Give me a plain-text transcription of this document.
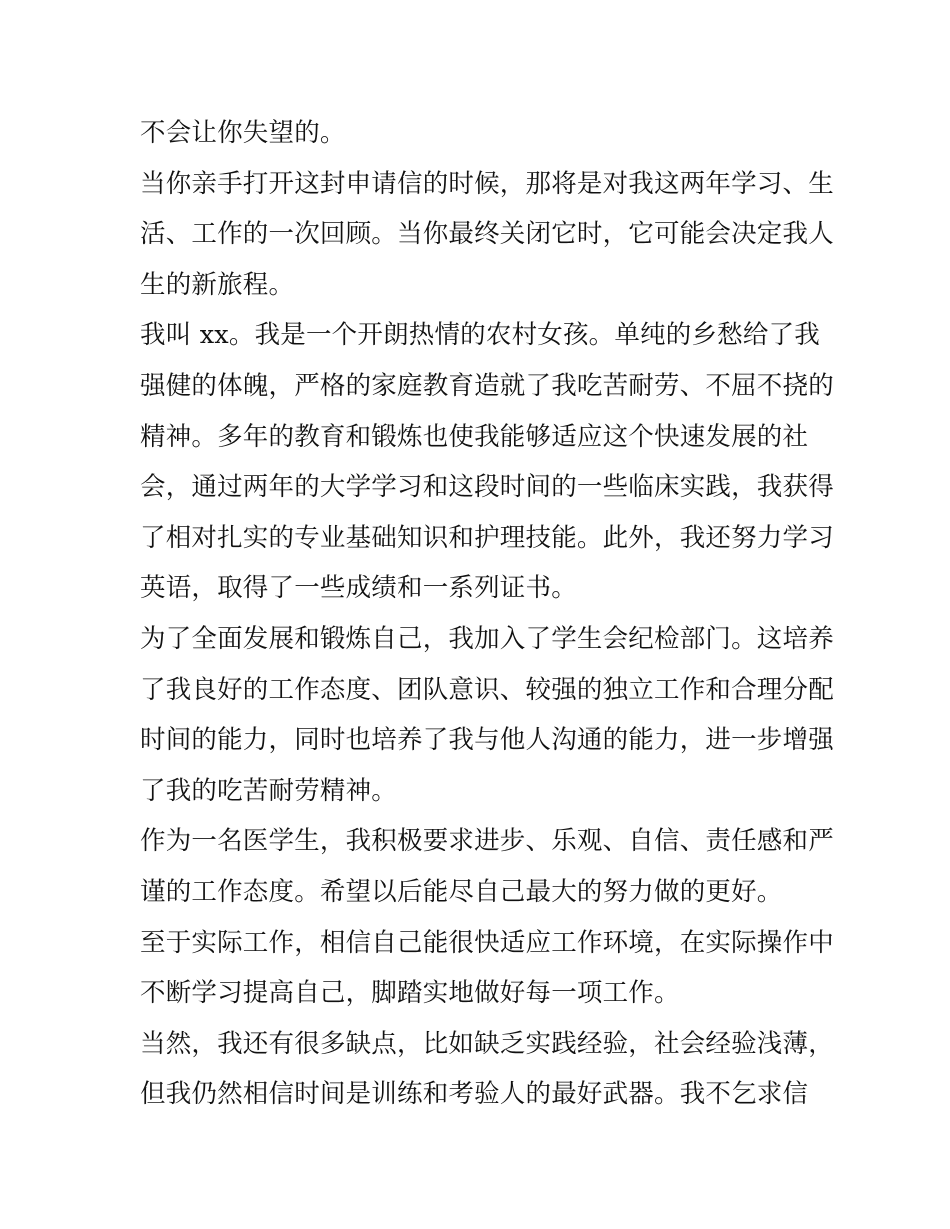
不会让你失望的。
当你亲手打开这封申请信的时候，那将是对我这两年学习、生
活、工作的一次回顾。当你最终关闭它时，它可能会决定我人
生的新旅程。
我叫 xx。我是一个开朗热情的农村女孩。单纯的乡愁给了我
强健的体魄，严格的家庭教育造就了我吃苦耐劳、不屈不挠的
精神。多年的教育和锻炼也使我能够适应这个快速发展的社
会，通过两年的大学学习和这段时间的一些临床实践，我获得
了相对扎实的专业基础知识和护理技能。此外，我还努力学习
英语，取得了一些成绩和一系列证书。
为了全面发展和锻炼自己，我加入了学生会纪检部门。这培养
了我良好的工作态度、团队意识、较强的独立工作和合理分配
时间的能力，同时也培养了我与他人沟通的能力，进一步增强
了我的吃苦耐劳精神。
作为一名医学生，我积极要求进步、乐观、自信、责任感和严
谨的工作态度。希望以后能尽自己最大的努力做的更好。
至于实际工作，相信自己能很快适应工作环境，在实际操作中
不断学习提高自己，脚踏实地做好每一项工作。
当然，我还有很多缺点，比如缺乏实践经验，社会经验浅薄，
但我仍然相信时间是训练和考验人的最好武器。我不乞求信
